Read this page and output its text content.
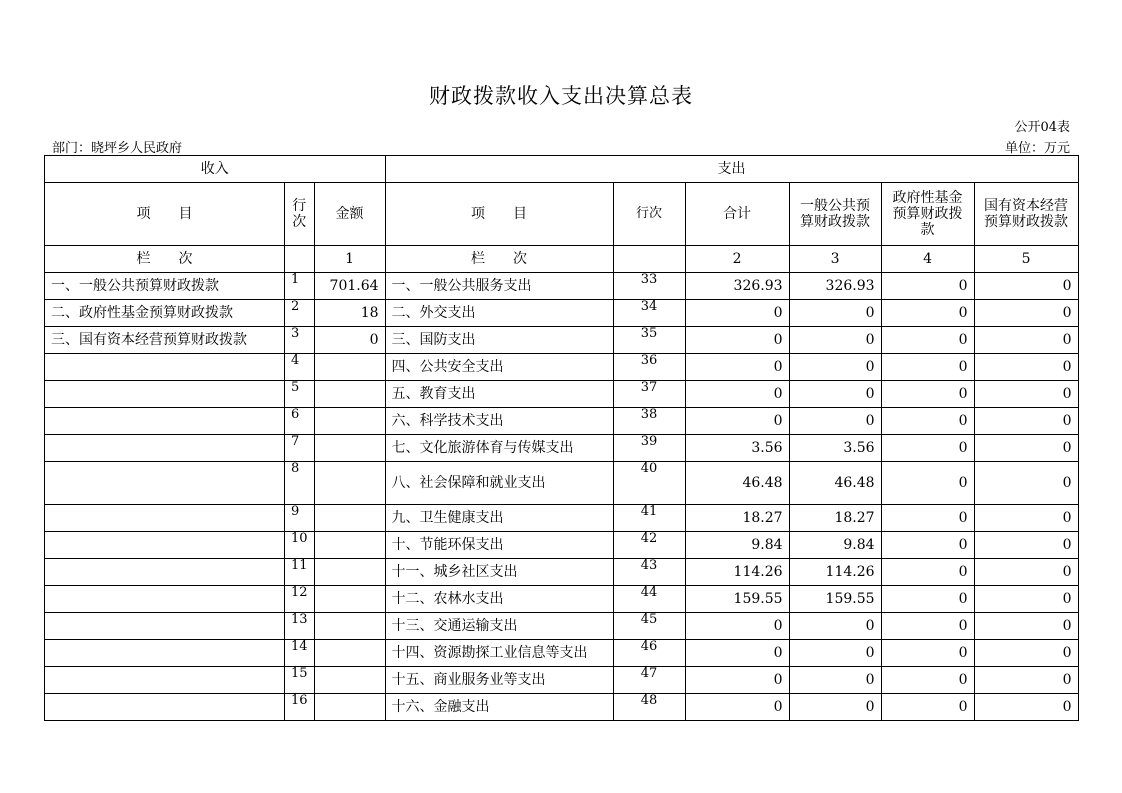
财政拨款收入支出决算总表
公开04表
部门：晓坪乡人民政府	单位：万元
收入			支出					
项　　目	行次	金额	项　　目	行次	合计	一般公共预算财政拨款	政府性基金预算财政拨款	国有资本经营预算财政拨款
栏　　次		1	栏　　次		2	3	4	5
一、一般公共预算财政拨款	1	701.64	一、一般公共服务支出	33	326.93	326.93	0	0
二、政府性基金预算财政拨款	2	18	二、外交支出	34	0	0	0	0
三、国有资本经营预算财政拨款	3	0	三、国防支出	35	0	0	0	0
	4		四、公共安全支出	36	0	0	0	0
	5		五、教育支出	37	0	0	0	0
	6		六、科学技术支出	38	0	0	0	0
	7		七、文化旅游体育与传媒支出	39	3.56	3.56	0	0
	8		八、社会保障和就业支出	40	46.48	46.48	0	0
	9		九、卫生健康支出	41	18.27	18.27	0	0
	10		十、节能环保支出	42	9.84	9.84	0	0
	11		十一、城乡社区支出	43	114.26	114.26	0	0
	12		十二、农林水支出	44	159.55	159.55	0	0
	13		十三、交通运输支出	45	0	0	0	0
	14		十四、资源勘探工业信息等支出	46	0	0	0	0
	15		十五、商业服务业等支出	47	0	0	0	0
	16		十六、金融支出	48	0	0	0	0
